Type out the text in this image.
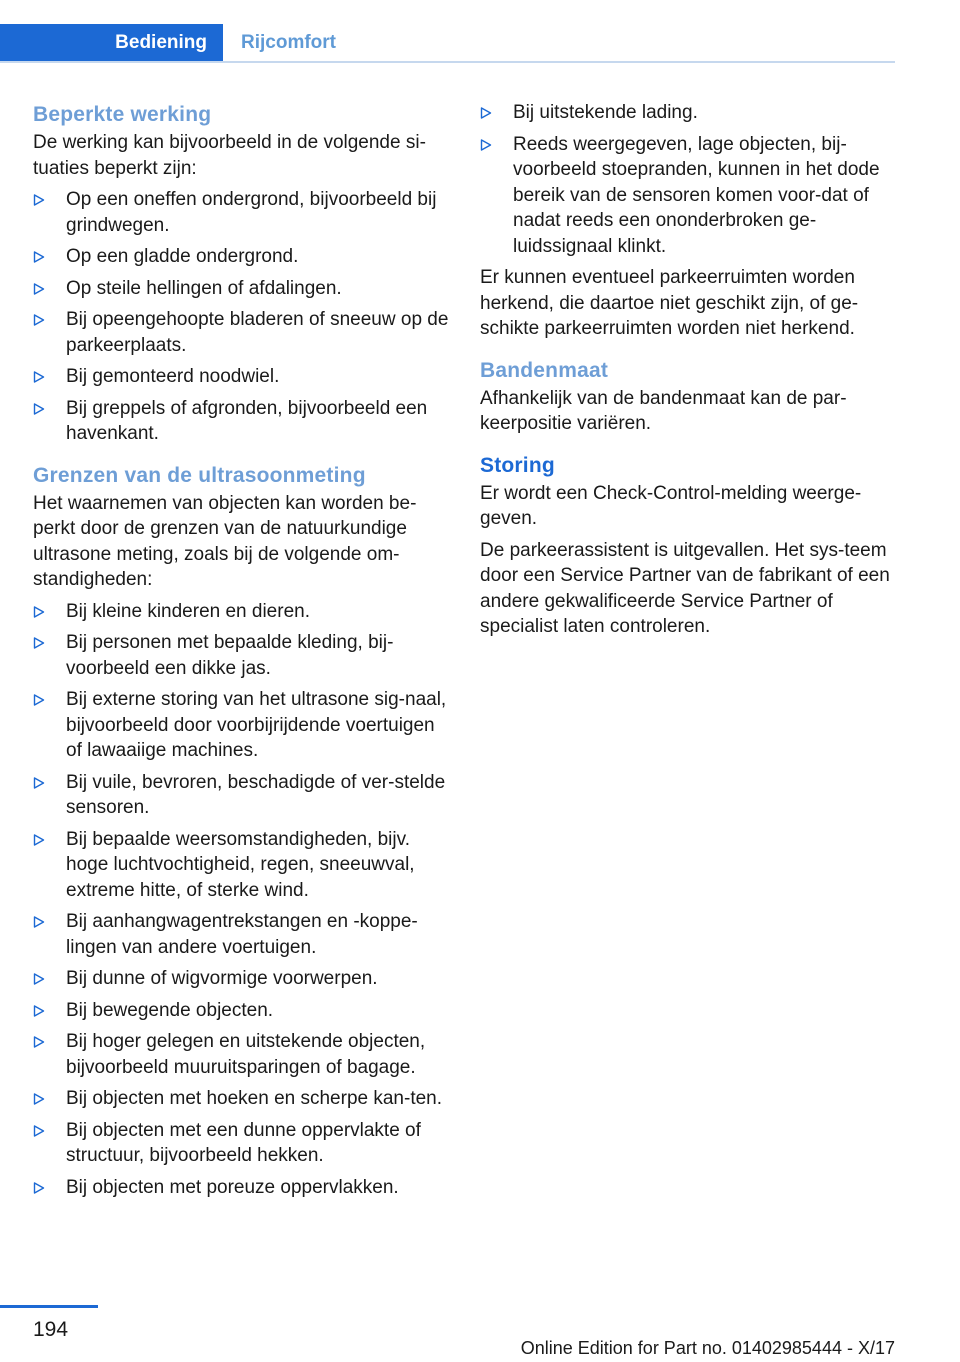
Bediening	Rijcomfort
Beperkte werking

De werking kan bijvoorbeeld in de volgende si-tuaties beperkt zijn:

Op een oneffen ondergrond, bijvoorbeeld bij grindwegen.
Op een gladde ondergrond.
Op steile hellingen of afdalingen.
Bij opeengehoopte bladeren of sneeuw op de parkeerplaats.
Bij gemonteerd noodwiel.
Bij greppels of afgronden, bijvoorbeeld een havenkant.
Grenzen van de ultrasoonmeting

Het waarnemen van objecten kan worden be-perkt door de grenzen van de natuurkundige ultrasone meting, zoals bij de volgende om-standigheden:

Bij kleine kinderen en dieren.
Bij personen met bepaalde kleding, bij-voorbeeld een dikke jas.
Bij externe storing van het ultrasone sig-naal, bijvoorbeeld door voorbijrijdende voertuigen of lawaaiige machines.
Bij vuile, bevroren, beschadigde of ver-stelde sensoren.
Bij bepaalde weersomstandigheden, bijv. hoge luchtvochtigheid, regen, sneeuwval, extreme hitte, of sterke wind.
Bij aanhangwagentrekstangen en -koppe-lingen van andere voertuigen.
Bij dunne of wigvormige voorwerpen.
Bij bewegende objecten.
Bij hoger gelegen en uitstekende objecten, bijvoorbeeld muuruitsparingen of bagage.
Bij objecten met hoeken en scherpe kan-ten.
Bij objecten met een dunne oppervlakte of structuur, bijvoorbeeld hekken.
Bij objecten met poreuze oppervlakken.
Bij uitstekende lading.
Reeds weergegeven, lage objecten, bij-voorbeeld stoepranden, kunnen in het dode bereik van de sensoren komen voor-dat of nadat reeds een ononderbroken ge-luidssignaal klinkt.

Er kunnen eventueel parkeerruimten worden herkend, die daartoe niet geschikt zijn, of ge-schikte parkeerruimten worden niet herkend.

Bandenmaat

Afhankelijk van de bandenmaat kan de par-keerpositie variëren.

Storing

Er wordt een Check-Control-melding weerge-geven.

De parkeerassistent is uitgevallen. Het sys-teem door een Service Partner van de fabrikant of een andere gekwalificeerde Service Partner of specialist laten controleren.

194
Online Edition for Part no. 01402985444 - X/17
